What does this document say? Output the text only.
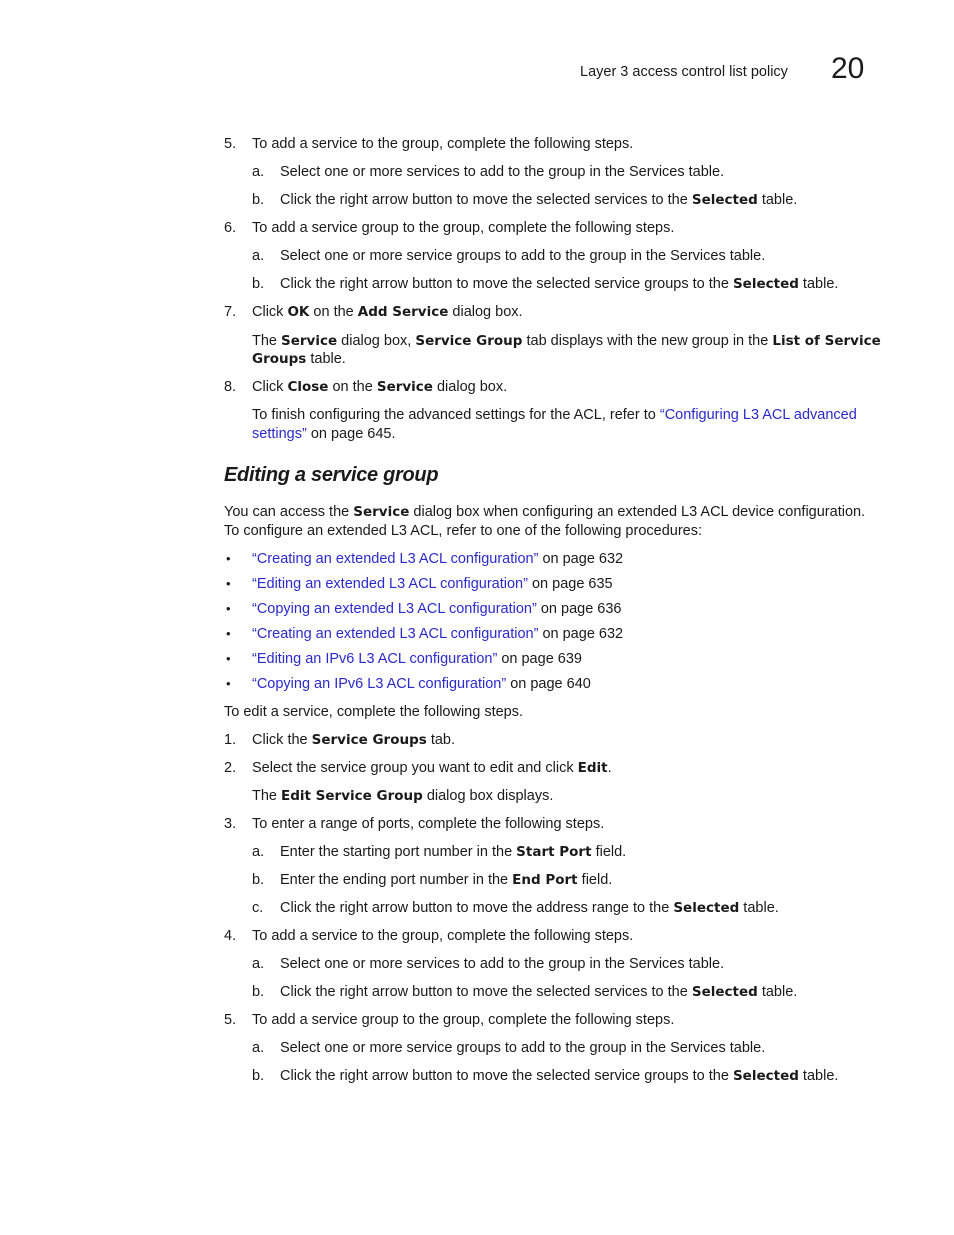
Layer 3 access control list policy 20
5. To add a service to the group, complete the following steps.
a. Select one or more services to add to the group in the Services table.
b. Click the right arrow button to move the selected services to the Selected table.
6. To add a service group to the group, complete the following steps.
a. Select one or more service groups to add to the group in the Services table.
b. Click the right arrow button to move the selected service groups to the Selected table.
7. Click OK on the Add Service dialog box.
The Service dialog box, Service Group tab displays with the new group in the List of Service
Groups table.
8. Click Close on the Service dialog box.
To finish configuring the advanced settings for the ACL, refer to “Configuring L3 ACL advanced
settings” on page 645.
Editing a service group
You can access the Service dialog box when configuring an extended L3 ACL device configuration.
To configure an extended L3 ACL, refer to one of the following procedures:
• “Creating an extended L3 ACL configuration” on page 632
• “Editing an extended L3 ACL configuration” on page 635
• “Copying an extended L3 ACL configuration” on page 636
• “Creating an extended L3 ACL configuration” on page 632
• “Editing an IPv6 L3 ACL configuration” on page 639
• “Copying an IPv6 L3 ACL configuration” on page 640
To edit a service, complete the following steps.
1. Click the Service Groups tab.
2. Select the service group you want to edit and click Edit.
The Edit Service Group dialog box displays.
3. To enter a range of ports, complete the following steps.
a. Enter the starting port number in the Start Port field.
b. Enter the ending port number in the End Port field.
c. Click the right arrow button to move the address range to the Selected table.
4. To add a service to the group, complete the following steps.
a. Select one or more services to add to the group in the Services table.
b. Click the right arrow button to move the selected services to the Selected table.
5. To add a service group to the group, complete the following steps.
a. Select one or more service groups to add to the group in the Services table.
b. Click the right arrow button to move the selected service groups to the Selected table.
